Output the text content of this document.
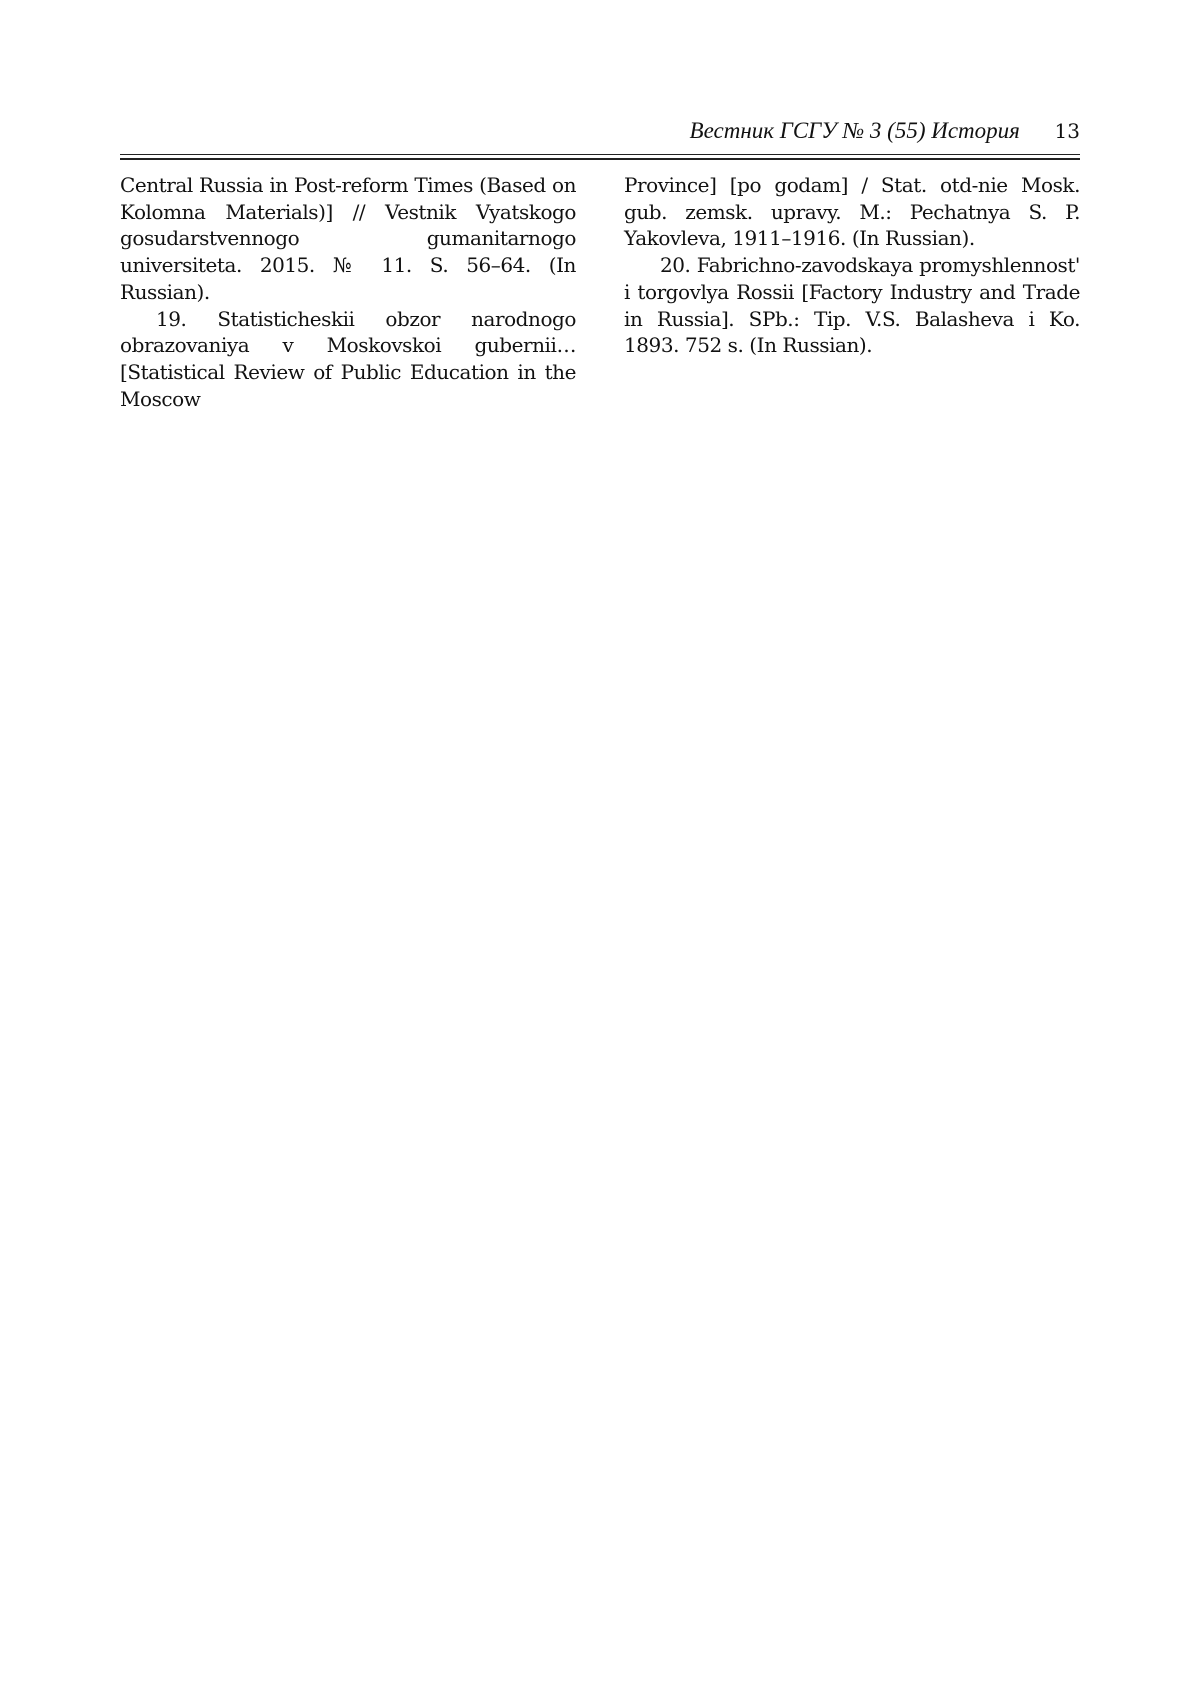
Вестник ГСГУ № 3 (55) История 13

Central Russia in Post-reform Times (Based on Kolomna Materials)] // Vestnik Vyatskogo gosudarstvennogo gumanitarnogo universiteta. 2015. № 11. S. 56–64. (In Russian).

19. Statisticheskii obzor narodnogo obrazovaniya v Moskovskoi gubernii… [Statistical Review of Public Education in the Moscow

Province] [po godam] / Stat. otd-nie Mosk. gub. zemsk. upravy. M.: Pechatnya S. P. Yakovleva, 1911–1916. (In Russian).

20. Fabrichno-zavodskaya promyshlennost' i torgovlya Rossii [Factory Industry and Trade in Russia]. SPb.: Tip. V.S. Balasheva i Ko. 1893. 752 s. (In Russian).
